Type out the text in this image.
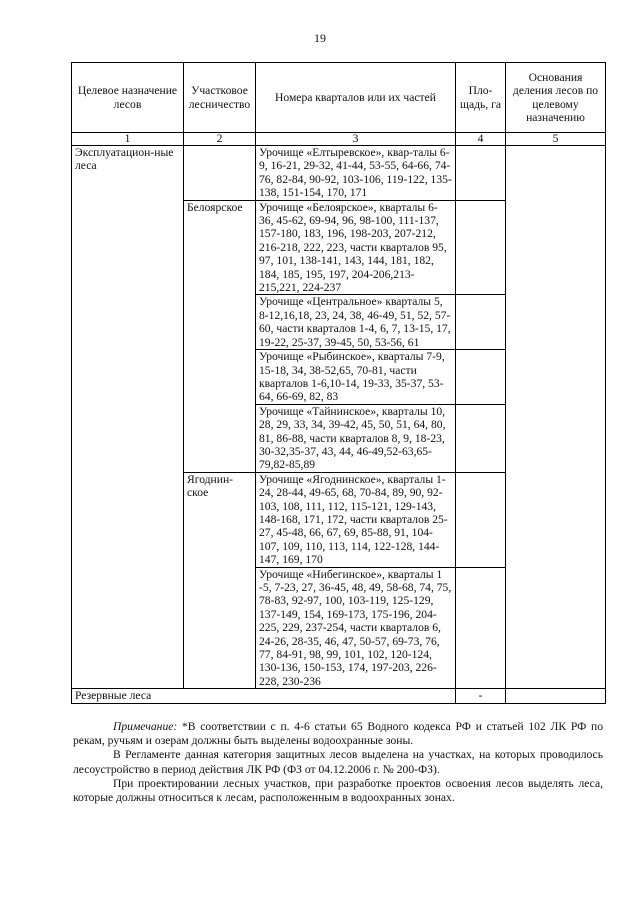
19
Целевое назначение лесов	Участковое лесничество	Номера кварталов или их частей	Пло-щадь, га	Основания деления лесов по целевому назначению
1	2	3	4	5
Эксплуатацион-ные леса		Урочище «Елтыревское», квар-талы 6-9, 16-21, 29-32, 41-44, 53-55, 64-66, 74-76, 82-84, 90-92, 103-106, 119-122, 135-138, 151-154, 170, 171		
	Белоярское	Урочище «Белоярское», кварталы 6-36, 45-62, 69-94, 96, 98-100, 111-137, 157-180, 183, 196, 198-203, 207-212, 216-218, 222, 223, части кварталов 95, 97, 101, 138-141, 143, 144, 181, 182, 184, 185, 195, 197, 204-206,213-215,221, 224-237		
		Урочище «Центральное» кварталы 5, 8-12,16,18, 23, 24, 38, 46-49, 51, 52, 57-60, части кварталов 1-4, 6, 7, 13-15, 17, 19-22, 25-37, 39-45, 50, 53-56, 61		
		Урочище «Рыбинское», кварталы 7-9, 15-18, 34, 38-52,65, 70-81, части кварталов 1-6,10-14, 19-33, 35-37, 53-64, 66-69, 82, 83		
		Урочище «Тайнинское», кварталы 10, 28, 29, 33, 34, 39-42, 45, 50, 51, 64, 80, 81, 86-88, части кварталов 8, 9, 18-23, 30-32,35-37, 43, 44, 46-49,52-63,65-79,82-85,89		
	Ягоднин-ское	Урочище «Ягоднинское», кварталы 1-24, 28-44, 49-65, 68, 70-84, 89, 90, 92-103, 108, 111, 112, 115-121, 129-143, 148-168, 171, 172, части кварталов 25-27, 45-48, 66, 67, 69, 85-88, 91, 104-107, 109, 110, 113, 114, 122-128, 144-147, 169, 170		
		Урочище «Нибегинское», кварталы 1 -5, 7-23, 27, 36-45, 48, 49, 58-68, 74, 75, 78-83, 92-97, 100, 103-119, 125-129, 137-149, 154, 169-173, 175-196, 204-225, 229, 237-254, части кварталов 6, 24-26, 28-35, 46, 47, 50-57, 69-73, 76, 77, 84-91, 98, 99, 101, 102, 120-124, 130-136, 150-153, 174, 197-203, 226-228, 230-236		
Резервные леса			-	

Примечание: *В соответствии с п. 4-6 статьи 65 Водного кодекса РФ и статьей 102 ЛК РФ по рекам, ручьям и озерам должны быть выделены водоохранные зоны.

В Регламенте данная категория защитных лесов выделена на участках, на которых проводилось лесоустройство в период действия ЛК РФ (ФЗ от 04.12.2006 г. № 200-ФЗ).

При проектировании лесных участков, при разработке проектов освоения лесов выделять леса, которые должны относиться к лесам, расположенным в водоохранных зонах.
